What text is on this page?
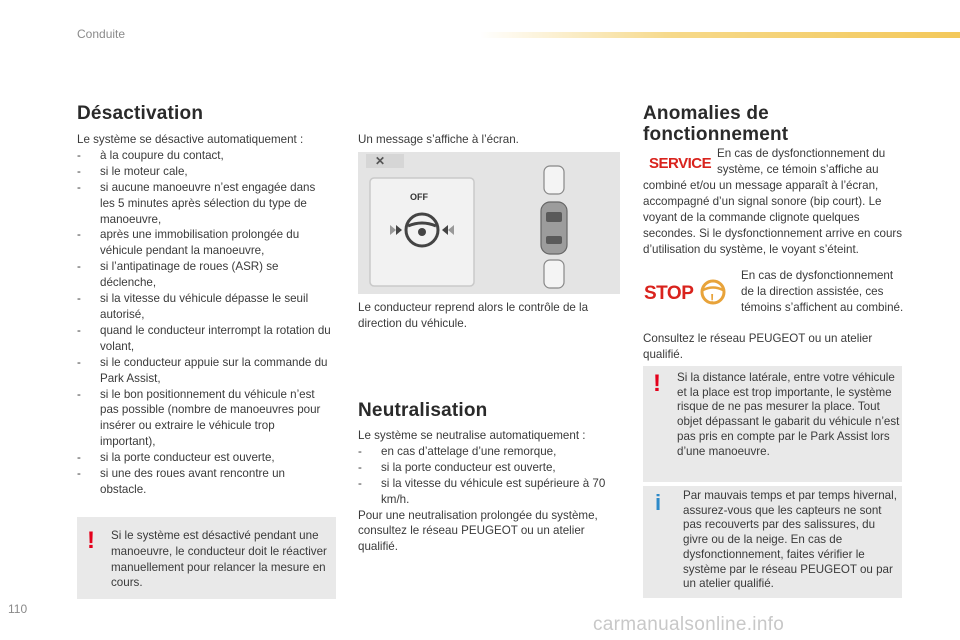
Conduite
Désactivation
Le système se désactive automatiquement :
- à la coupure du contact,
- si le moteur cale,
- si aucune manoeuvre n’est engagée dans les 5 minutes après sélection du type de manoeuvre,
- après une immobilisation prolongée du véhicule pendant la manoeuvre,
- si l’antipatinage de roues (ASR) se déclenche,
- si la vitesse du véhicule dépasse le seuil autorisé,
- quand le conducteur interrompt la rotation du volant,
- si le conducteur appuie sur la commande du Park Assist,
- si le bon positionnement du véhicule n’est pas possible (nombre de manoeuvres pour insérer ou extraire le véhicule trop important),
- si la porte conducteur est ouverte,
- si une des roues avant rencontre un obstacle.
! Si le système est désactivé pendant une manoeuvre, le conducteur doit le réactiver manuellement pour relancer la mesure en cours.
Un message s’affiche à l’écran.
✕
OFF
Le conducteur reprend alors le contrôle de la direction du véhicule.
Neutralisation
Le système se neutralise automatiquement :
- en cas d’attelage d’une remorque,
- si la porte conducteur est ouverte,
- si la vitesse du véhicule est supérieure à 70 km/h.
Pour une neutralisation prolongée du système, consultez le réseau PEUGEOT ou un atelier qualifié.
Anomalies de fonctionnement
SERVICE
En cas de dysfonctionnement du système, ce témoin s’affiche au
combiné et/ou un message apparaît à l’écran, accompagné d’un signal sonore (bip court). Le voyant de la commande clignote quelques secondes. Si le dysfonctionnement arrive en cours d’utilisation du système, le voyant s’éteint.
STOP !
En cas de dysfonctionnement de la direction assistée, ces témoins s’affichent au combiné.
Consultez le réseau PEUGEOT ou un atelier qualifié.
! Si la distance latérale, entre votre véhicule et la place est trop importante, le système risque de ne pas mesurer la place. Tout objet dépassant le gabarit du véhicule n’est pas pris en compte par le Park Assist lors d’une manoeuvre.
i Par mauvais temps et par temps hivernal, assurez-vous que les capteurs ne sont pas recouverts par des salissures, du givre ou de la neige. En cas de dysfonctionnement, faites vérifier le système par le réseau PEUGEOT ou par un atelier qualifié.
110
carmanualsonline.info
